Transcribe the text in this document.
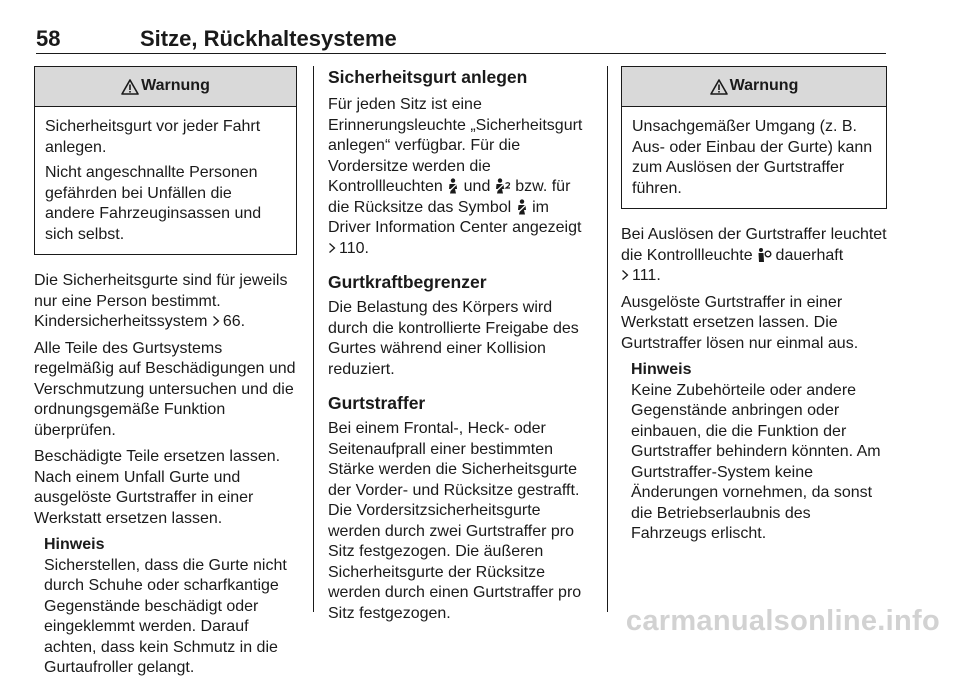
58	Sitze, Rückhaltesysteme
Warnung

Sicherheitsgurt vor jeder Fahrt anlegen.

Nicht angeschnallte Personen gefährden bei Unfällen die andere Fahrzeuginsassen und sich selbst.

Die Sicherheitsgurte sind für jeweils nur eine Person bestimmt. Kindersicherheitssystem 66.

Alle Teile des Gurtsystems regelmäßig auf Beschädigungen und Verschmutzung untersuchen und die ordnungsgemäße Funktion überprüfen.

Beschädigte Teile ersetzen lassen. Nach einem Unfall Gurte und ausgelöste Gurtstraffer in einer Werkstatt ersetzen lassen.

Hinweis

Sicherstellen, dass die Gurte nicht durch Schuhe oder scharfkantige Gegenstände beschädigt oder eingeklemmt werden. Darauf achten, dass kein Schmutz in die Gurtaufroller gelangt.

Sicherheitsgurt anlegen

Für jeden Sitz ist eine Erinnerungsleuchte „Sicherheitsgurt anlegen“ verfügbar. Für die Vordersitze werden die Kontrollleuchten und bzw. für die Rücksitze das Symbol im Driver Information Center angezeigt 110.

Gurtkraftbegrenzer

Die Belastung des Körpers wird durch die kontrollierte Freigabe des Gurtes während einer Kollision reduziert.

Gurtstraffer

Bei einem Frontal-, Heck- oder Seitenaufprall einer bestimmten Stärke werden die Sicherheitsgurte der Vorder- und Rücksitze gestrafft. Die Vordersitzsicherheitsgurte werden durch zwei Gurtstraffer pro Sitz festgezogen. Die äußeren Sicherheitsgurte der Rücksitze werden durch einen Gurtstraffer pro Sitz festgezogen.

Warnung

Unsachgemäßer Umgang (z. B. Aus- oder Einbau der Gurte) kann zum Auslösen der Gurtstraffer führen.

Bei Auslösen der Gurtstraffer leuchtet die Kontrollleuchte dauerhaft
111.

Ausgelöste Gurtstraffer in einer Werkstatt ersetzen lassen. Die Gurtstraffer lösen nur einmal aus.

Hinweis

Keine Zubehörteile oder andere Gegenstände anbringen oder einbauen, die die Funktion der Gurtstraffer behindern könnten. Am Gurtstraffer-System keine Änderungen vornehmen, da sonst die Betriebserlaubnis des Fahrzeugs erlischt.

carmanualsonline.info
